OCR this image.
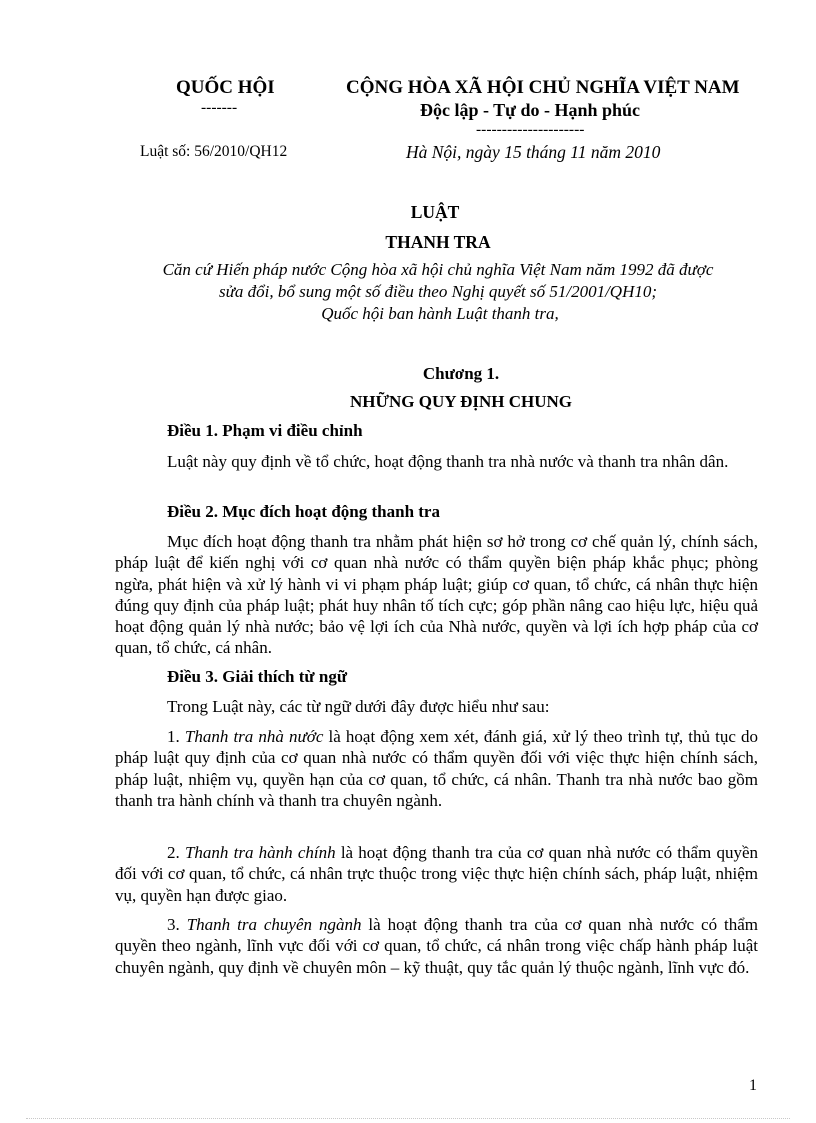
QUỐC HỘI
-------
Luật số: 56/2010/QH12
CỘNG HÒA XÃ HỘI CHỦ NGHĨA VIỆT NAM
Độc lập - Tự do - Hạnh phúc
---------------------
Hà Nội, ngày 15 tháng 11 năm 2010
LUẬT
THANH TRA
Căn cứ Hiến pháp nước Cộng hòa xã hội chủ nghĩa Việt Nam năm 1992 đã được
sửa đổi, bổ sung một số điều theo Nghị quyết số 51/2001/QH10;
Quốc hội ban hành Luật thanh tra,
Chương 1.
NHỮNG QUY ĐỊNH CHUNG
Điều 1. Phạm vi điều chỉnh
Luật này quy định về tổ chức, hoạt động thanh tra nhà nước và thanh tra nhân dân.
Điều 2. Mục đích hoạt động thanh tra
Mục đích hoạt động thanh tra nhằm phát hiện sơ hở trong cơ chế quản lý, chính sách, pháp luật để kiến nghị với cơ quan nhà nước có thẩm quyền biện pháp khắc phục; phòng ngừa, phát hiện và xử lý hành vi vi phạm pháp luật; giúp cơ quan, tổ chức, cá nhân thực hiện đúng quy định của pháp luật; phát huy nhân tố tích cực; góp phần nâng cao hiệu lực, hiệu quả hoạt động quản lý nhà nước; bảo vệ lợi ích của Nhà nước, quyền và lợi ích hợp pháp của cơ quan, tổ chức, cá nhân.
Điều 3. Giải thích từ ngữ
Trong Luật này, các từ ngữ dưới đây được hiểu như sau:
1. Thanh tra nhà nước là hoạt động xem xét, đánh giá, xử lý theo trình tự, thủ tục do pháp luật quy định của cơ quan nhà nước có thẩm quyền đối với việc thực hiện chính sách, pháp luật, nhiệm vụ, quyền hạn của cơ quan, tổ chức, cá nhân. Thanh tra nhà nước bao gồm thanh tra hành chính và thanh tra chuyên ngành.
2. Thanh tra hành chính là hoạt động thanh tra của cơ quan nhà nước có thẩm quyền đối với cơ quan, tổ chức, cá nhân trực thuộc trong việc thực hiện chính sách, pháp luật, nhiệm vụ, quyền hạn được giao.
3. Thanh tra chuyên ngành là hoạt động thanh tra của cơ quan nhà nước có thẩm quyền theo ngành, lĩnh vực đối với cơ quan, tổ chức, cá nhân trong việc chấp hành pháp luật chuyên ngành, quy định về chuyên môn – kỹ thuật, quy tắc quản lý thuộc ngành, lĩnh vực đó.
1
